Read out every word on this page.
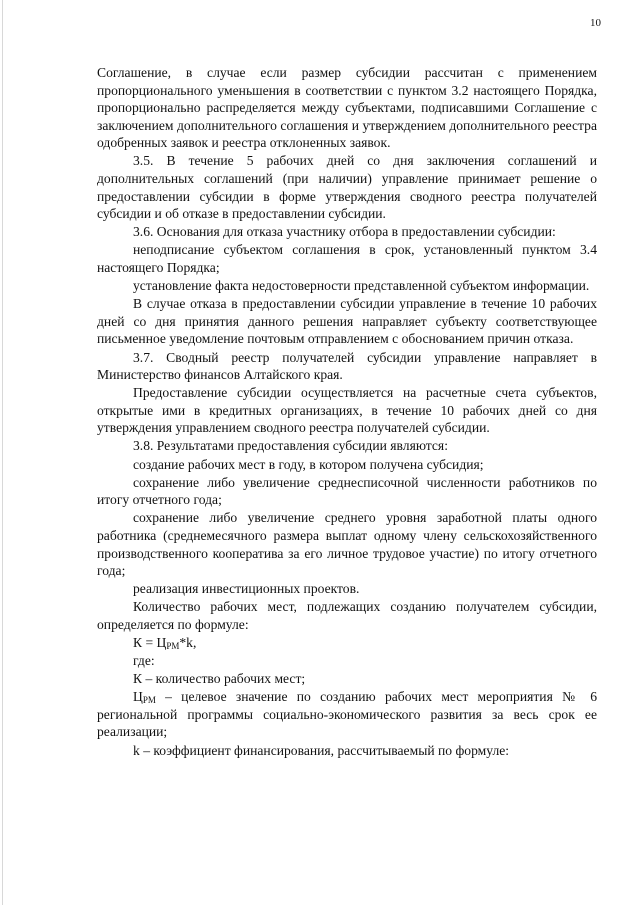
10

Соглашение, в случае если размер субсидии рассчитан с применением пропорционального уменьшения в соответствии с пунктом 3.2 настоящего Порядка, пропорционально распределяется между субъектами, подписавшими Соглашение с заключением дополнительного соглашения и утверждением дополнительного реестра одобренных заявок и реестра отклоненных заявок.

3.5. В течение 5 рабочих дней со дня заключения соглашений и дополнительных соглашений (при наличии) управление принимает решение о предоставлении субсидии в форме утверждения сводного реестра получателей субсидии и об отказе в предоставлении субсидии.

3.6. Основания для отказа участнику отбора в предоставлении субсидии:

неподписание субъектом соглашения в срок, установленный пунктом 3.4 настоящего Порядка;

установление факта недостоверности представленной субъектом информации.

В случае отказа в предоставлении субсидии управление в течение 10 рабочих дней со дня принятия данного решения направляет субъекту соответствующее письменное уведомление почтовым отправлением с обоснованием причин отказа.

3.7. Сводный реестр получателей субсидии управление направляет в Министерство финансов Алтайского края.

Предоставление субсидии осуществляется на расчетные счета субъектов, открытые ими в кредитных организациях, в течение 10 рабочих дней со дня утверждения управлением сводного реестра получателей субсидии.

3.8. Результатами предоставления субсидии являются:

создание рабочих мест в году, в котором получена субсидия;

сохранение либо увеличение среднесписочной численности работников по итогу отчетного года;

сохранение либо увеличение среднего уровня заработной платы одного работника (среднемесячного размера выплат одному члену сельскохозяйственного производственного кооператива за его личное трудовое участие) по итогу отчетного года;

реализация инвестиционных проектов.

Количество рабочих мест, подлежащих созданию получателем субсидии, определяется по формуле:

$К = Ц_{РМ}*k$,

где:

К – количество рабочих мест;

$Ц_{РМ}$ – целевое значение по созданию рабочих мест мероприятия № 6 региональной программы социально-экономического развития за весь срок ее реализации;

k – коэффициент финансирования, рассчитываемый по формуле:
